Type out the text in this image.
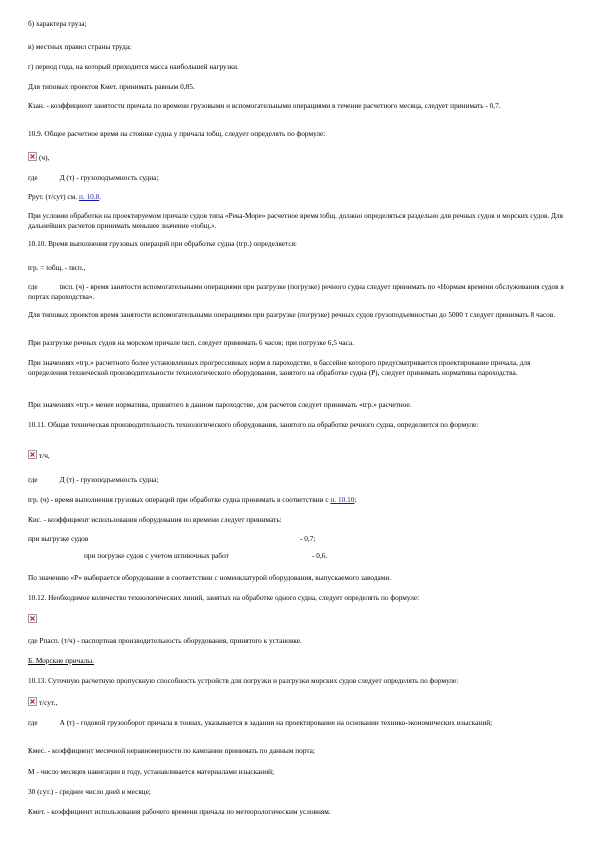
б) характера груза;
в) местных правил страны труда;
г) период года, на который приходится масса наибольшей нагрузки.
Для типовых проектов Кмет. принимать равным 0,85.
Кзан. - коэффициент занятости причала по времени грузовыми и вспомогательными операциями в течение расчетного месяца, следует принимать - 0,7.
10.9. Общее расчетное время на стоянке судна у причала tобщ. следует определять по формуле:
(ч),
где	Д (т) - грузоподъемность судна;
Ррут. (т/сут) см. п. 10.8.
При условии обработки на проектируемом причале судов типа «Река-Море» расчетное время tобщ. должно определяться раздельно для речных судов и морских судов. Для дальнейших расчетов принимать меньшее значение «tобщ.».
10.10. Время выполнения грузовых операций при обработке судна (tгр.) определяется:
tгр. = tобщ. - tвсп.,
где	tвсп. (ч) - время занятости вспомогательными операциями при разгрузке (погрузке) речного судна следует принимать по «Нормам времени обслуживания судов в портах пароходства».
Для типовых проектов время занятости вспомогательными операциями при разгрузке (погрузке) речных судов грузоподъемностью до 5000 т следует принимать 8 часов.
При разгрузке речных судов на морском причале tвсп. следует принимать 6 часов; при погрузке 6,5 часа.
При значениях «tгр.» расчетного более установленных прогрессивных норм в пароходстве, в бассейне которого предусматривается проектирование причала, для определения технической производительности технологического оборудования, занятого на обработке судна (Р), следует принимать нормативы пароходства.
При значениях «tгр.» менее норматива, принятого в данном пароходстве, для расчетов следует принимать «tгр.» расчетное.
10.11. Общая техническая производительность технологического оборудования, занятого на обработке речного судна, определяется по формуле:
т/ч,
где	Д (т) - грузоподъемность судна;
tгр. (ч) - время выполнения грузовых операций при обработке судна принимать в соответствии с п. 10.10;
Кис. - коэффициент использования оборудования по времени следует принимать:
при выгрузке судов	- 0,7;
при погрузке судов с учетом штивочных работ	- 0,6.
По значению «Р» выбирается оборудование в соответствии с номенклатурой оборудования, выпускаемого заводами.
10.12. Необходимое количество технологических линий, занятых на обработке одного судна, следует определять по формуле:
где Рпасп. (т/ч) - паспортная производительность оборудования, принятого к установке.
Б. Морские причалы.
10.13. Суточную расчетную пропускную способность устройств для погрузки и разгрузки морских судов следует определять по формуле:
т/сут.,
где	А (т) - годовой грузооборот причала в тоннах, указывается в задании на проектирование на основании технико-экономических изысканий;
Кмес. - коэффициент месячной неравномерности по кампании принимать по данным порта;
М - число месяцев навигации в году, устанавливается материалами изысканий;
30 (сут.) - среднее число дней в месяце;
Кмет. - коэффициент использования рабочего времени причала по метеорологическим условиям.
